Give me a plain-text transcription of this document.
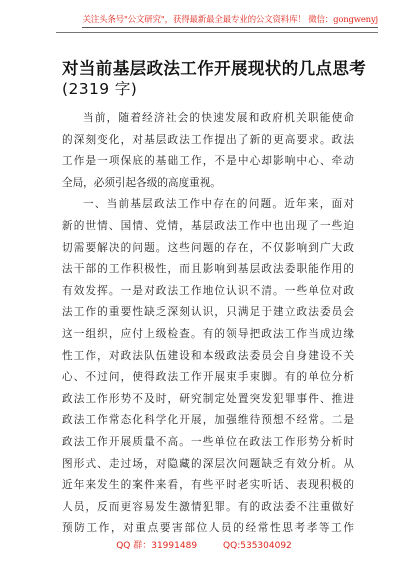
关注头条号"公文研究"，获得最新最全最专业的公文资料库！ 微信：gongwenyj
对当前基层政法工作开展现状的几点思考
(2319 字)
当前，随着经济社会的快速发展和政府机关职能使命
的深刻变化，对基层政法工作提出了新的更高要求。政法
工作是一项保底的基础工作，不是中心却影响中心、牵动
全局，必须引起各级的高度重视。
一、当前基层政法工作中存在的问题。近年来，面对
新的世情、国情、党情，基层政法工作中也出现了一些迫
切需要解决的问题。这些问题的存在，不仅影响到广大政
法干部的工作积极性，而且影响到基层政法委职能作用的
有效发挥。一是对政法工作地位认识不清。一些单位对政
法工作的重要性缺乏深刻认识，只满足于建立政法委员会
这一组织，应付上级检查。有的领导把政法工作当成边缘
性工作，对政法队伍建设和本级政法委员会自身建设不关
心、不过问，使得政法工作开展束手束脚。有的单位分析
政法工作形势不及时，研究制定处置突发犯罪事件、推进
政法工作常态化科学化开展，加强维待预想不经常。二是
政法工作开展质量不高。一些单位在政法工作形势分析时
图形式、走过场，对隐藏的深层次问题缺乏有效分析。从
近年来发生的案件来看，有些平时老实听话、表现积极的
人员，反而更容易发生激情犯罪。有的政法委不注重做好
预防工作，对重点要害部位人员的经常性思考孝等工作
QQ 群：31991489	QQ:535304092
